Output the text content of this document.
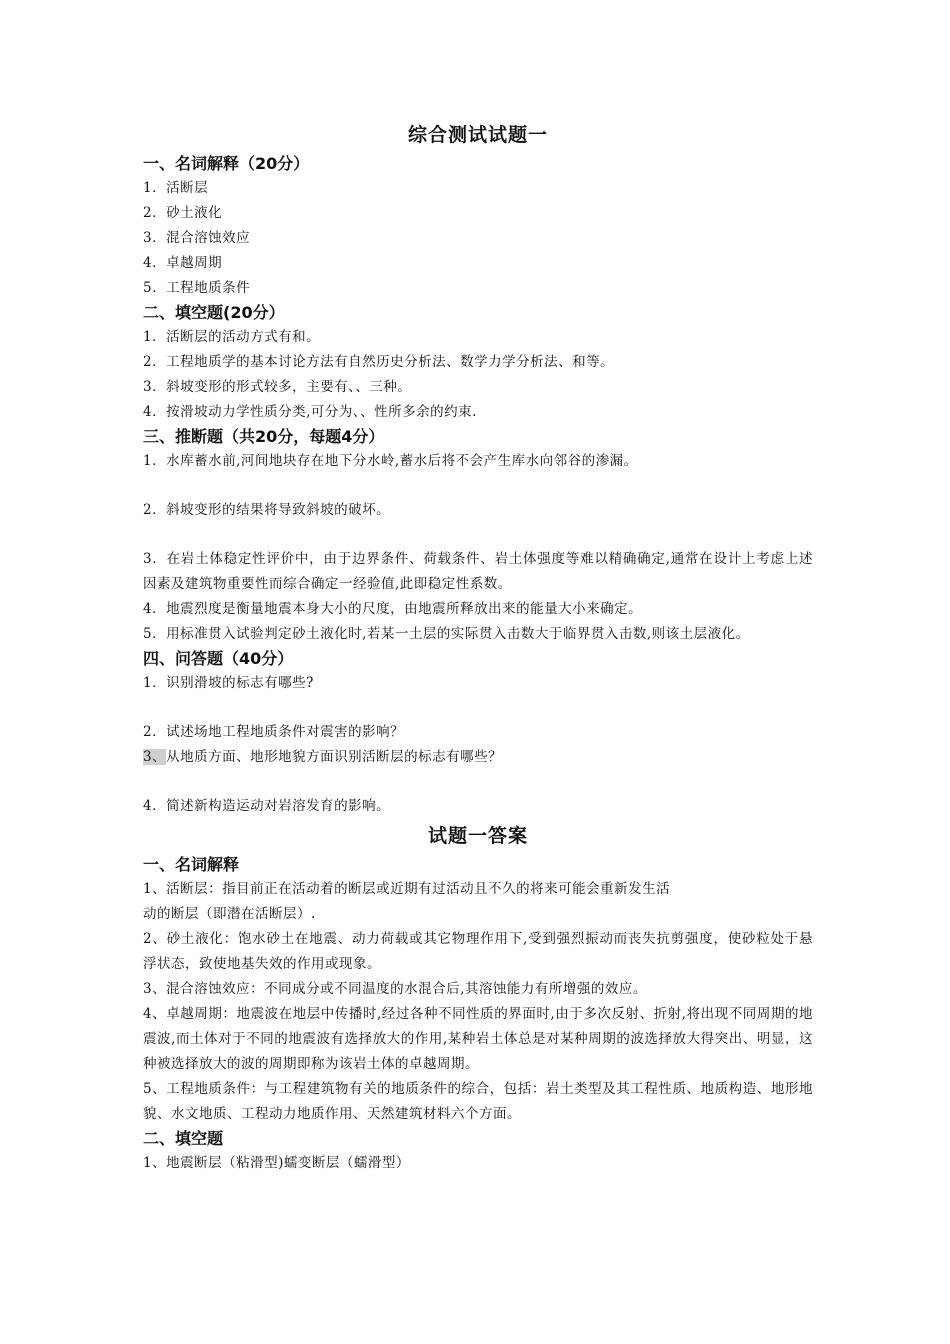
综合测试试题一
一、名词解释（20分）
1．活断层
2．砂土液化
3．混合溶蚀效应
4．卓越周期
5．工程地质条件
二、填空题(20分）
1．活断层的活动方式有和。
2．工程地质学的基本讨论方法有自然历史分析法、数学力学分析法、和等。
3．斜坡变形的形式较多，主要有、、三种。
4．按滑坡动力学性质分类,可分为、、性所多余的约束.
三、推断题（共20分，每题4分）
1．水库蓄水前,河间地块存在地下分水岭,蓄水后将不会产生库水向邻谷的渗漏。
2．斜坡变形的结果将导致斜坡的破坏。
3．在岩土体稳定性评价中，由于边界条件、荷载条件、岩土体强度等难以精确确定,通常在设计上考虑上述因素及建筑物重要性而综合确定一经验值,此即稳定性系数。
4．地震烈度是衡量地震本身大小的尺度，由地震所释放出来的能量大小来确定。
5．用标准贯入试验判定砂土液化时,若某一土层的实际贯入击数大于临界贯入击数,则该土层液化。
四、问答题（40分）
1．识别滑坡的标志有哪些?
2．试述场地工程地质条件对震害的影响？
3、从地质方面、地形地貌方面识别活断层的标志有哪些？
4．简述新构造运动对岩溶发育的影响。
试题一答案
一、名词解释
1、活断层：指目前正在活动着的断层或近期有过活动且不久的将来可能会重新发生活
动的断层（即潜在活断层）.
2、砂土液化：饱水砂土在地震、动力荷载或其它物理作用下,受到强烈振动而丧失抗剪强度，使砂粒处于悬浮状态，致使地基失效的作用或现象。
3、混合溶蚀效应：不同成分或不同温度的水混合后,其溶蚀能力有所增强的效应。
4、卓越周期：地震波在地层中传播时,经过各种不同性质的界面时,由于多次反射、折射,将出现不同周期的地震波,而土体对于不同的地震波有选择放大的作用,某种岩土体总是对某种周期的波选择放大得突出、明显，这种被选择放大的波的周期即称为该岩土体的卓越周期。
5、工程地质条件：与工程建筑物有关的地质条件的综合，包括：岩土类型及其工程性质、地质构造、地形地貌、水文地质、工程动力地质作用、天然建筑材料六个方面。
二、填空题
1、地震断层（粘滑型)蠕变断层（蠕滑型）
